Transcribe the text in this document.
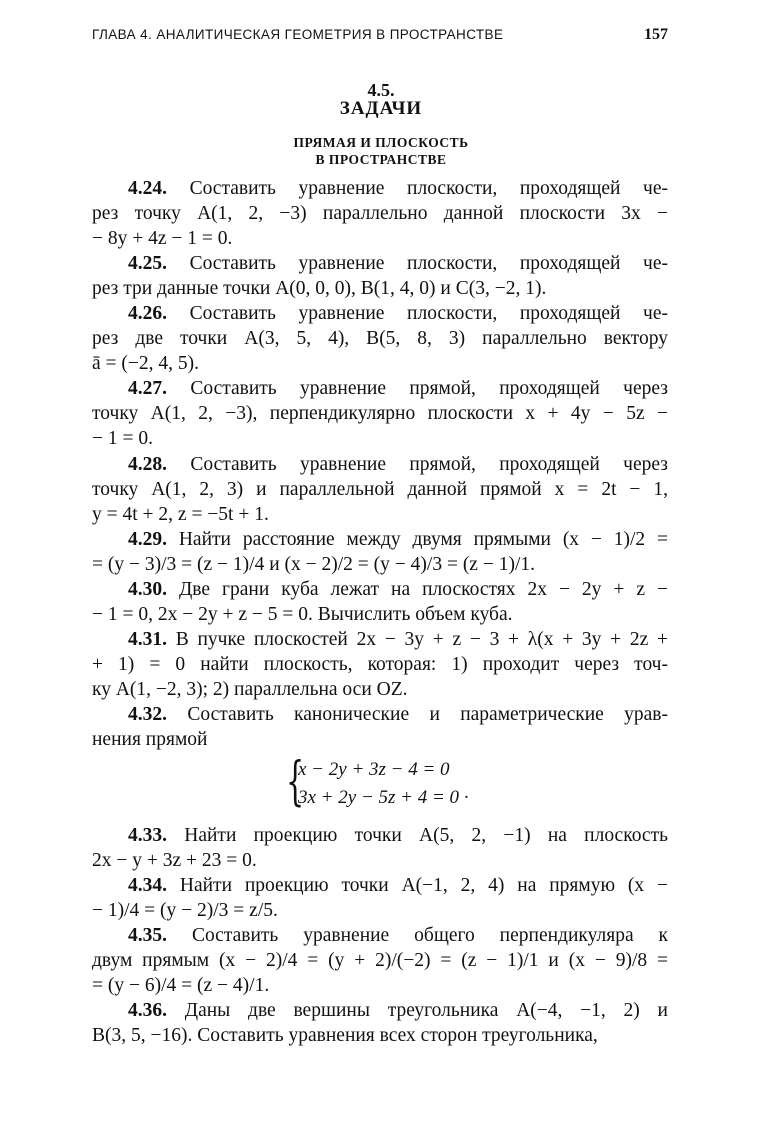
ГЛАВА 4. АНАЛИТИЧЕСКАЯ ГЕОМЕТРИЯ В ПРОСТРАНСТВЕ	157
4.5.
ЗАДАЧИ
ПРЯМАЯ И ПЛОСКОСТЬ
В ПРОСТРАНСТВЕ
4.24. Составить уравнение плоскости, проходящей че-
рез точку A(1, 2, −3) параллельно данной плоскости 3x −
− 8y + 4z − 1 = 0.
4.25. Составить уравнение плоскости, проходящей че-
рез три данные точки A(0, 0, 0), B(1, 4, 0) и C(3, −2, 1).
4.26. Составить уравнение плоскости, проходящей че-
рез две точки A(3, 5, 4), B(5, 8, 3) параллельно вектору
ā = (−2, 4, 5).
4.27. Составить уравнение прямой, проходящей через
точку A(1, 2, −3), перпендикулярно плоскости x + 4y − 5z −
− 1 = 0.
4.28. Составить уравнение прямой, проходящей через
точку A(1, 2, 3) и параллельной данной прямой x = 2t − 1,
y = 4t + 2, z = −5t + 1.
4.29. Найти расстояние между двумя прямыми (x − 1)/2 =
= (y − 3)/3 = (z − 1)/4 и (x − 2)/2 = (y − 4)/3 = (z − 1)/1.
4.30. Две грани куба лежат на плоскостях 2x − 2y + z −
− 1 = 0, 2x − 2y + z − 5 = 0. Вычислить объем куба.
4.31. В пучке плоскостей 2x − 3y + z − 3 + λ(x + 3y + 2z +
+ 1) = 0 найти плоскость, которая: 1) проходит через точ-
ку A(1, −2, 3); 2) параллельна оси OZ.
4.32. Составить канонические и параметрические урав-
нения прямой
4.33. Найти проекцию точки A(5, 2, −1) на плоскость
2x − y + 3z + 23 = 0.
4.34. Найти проекцию точки A(−1, 2, 4) на прямую (x −
− 1)/4 = (y − 2)/3 = z/5.
4.35. Составить уравнение общего перпендикуляра к
двум прямым (x − 2)/4 = (y + 2)/(−2) = (z − 1)/1 и (x − 9)/8 =
= (y − 6)/4 = (z − 4)/1.
4.36. Даны две вершины треугольника A(−4, −1, 2) и
B(3, 5, −16). Составить уравнения всех сторон треугольника,
{
x − 2y + 3z − 4 = 0
3x + 2y − 5z + 4 = 0 ·
